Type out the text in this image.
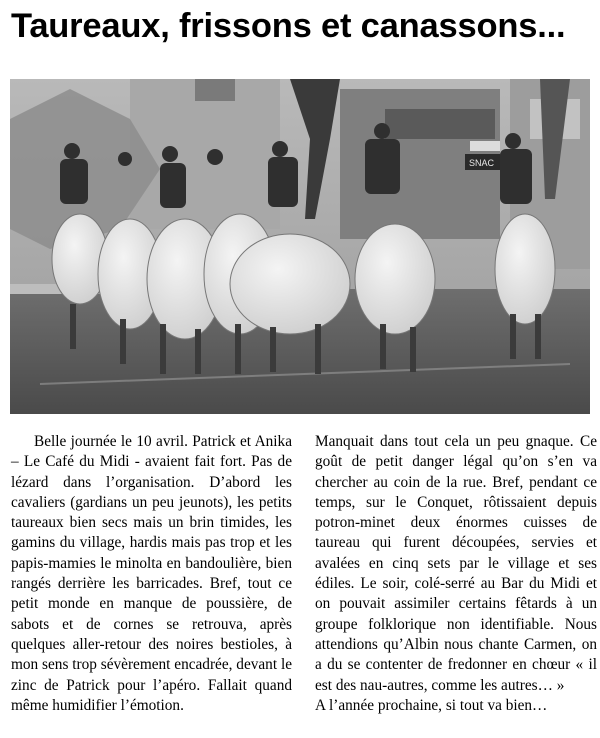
Taureaux, frissons et canassons...
SNAC

Belle journée le 10 avril. Patrick et Anika – Le Café du Midi - avaient fait fort. Pas de lézard dans l’organisation. D’abord les cavaliers (gardians un peu jeunots), les petits taureaux bien secs mais un brin timides, les gamins du village, hardis mais pas trop et les papis-mamies le minolta en bandoulière, bien rangés derrière les barricades. Bref, tout ce petit monde en manque de poussière, de sabots et de cornes se retrouva, après quelques aller-retour des noires bestioles, à mon sens trop sévèrement encadrée, devant le zinc de Patrick pour l’apéro. Fallait quand même humidifier l’émotion.

Manquait dans tout cela un peu gnaque. Ce goût de petit danger légal qu’on s’en va chercher au coin de la rue. Bref, pendant ce temps, sur le Conquet, rôtissaient depuis potron-minet deux énormes cuisses de taureau qui furent découpées, servies et avalées en cinq sets par le village et ses édiles. Le soir, colé-serré au Bar du Midi et on pouvait assimiler certains fêtards à un groupe folklorique non identifiable. Nous attendions qu’Albin nous chante Carmen, on a du se contenter de fredonner en chœur « il est des nau-autres, comme les autres… »

A l’année prochaine, si tout va bien…
